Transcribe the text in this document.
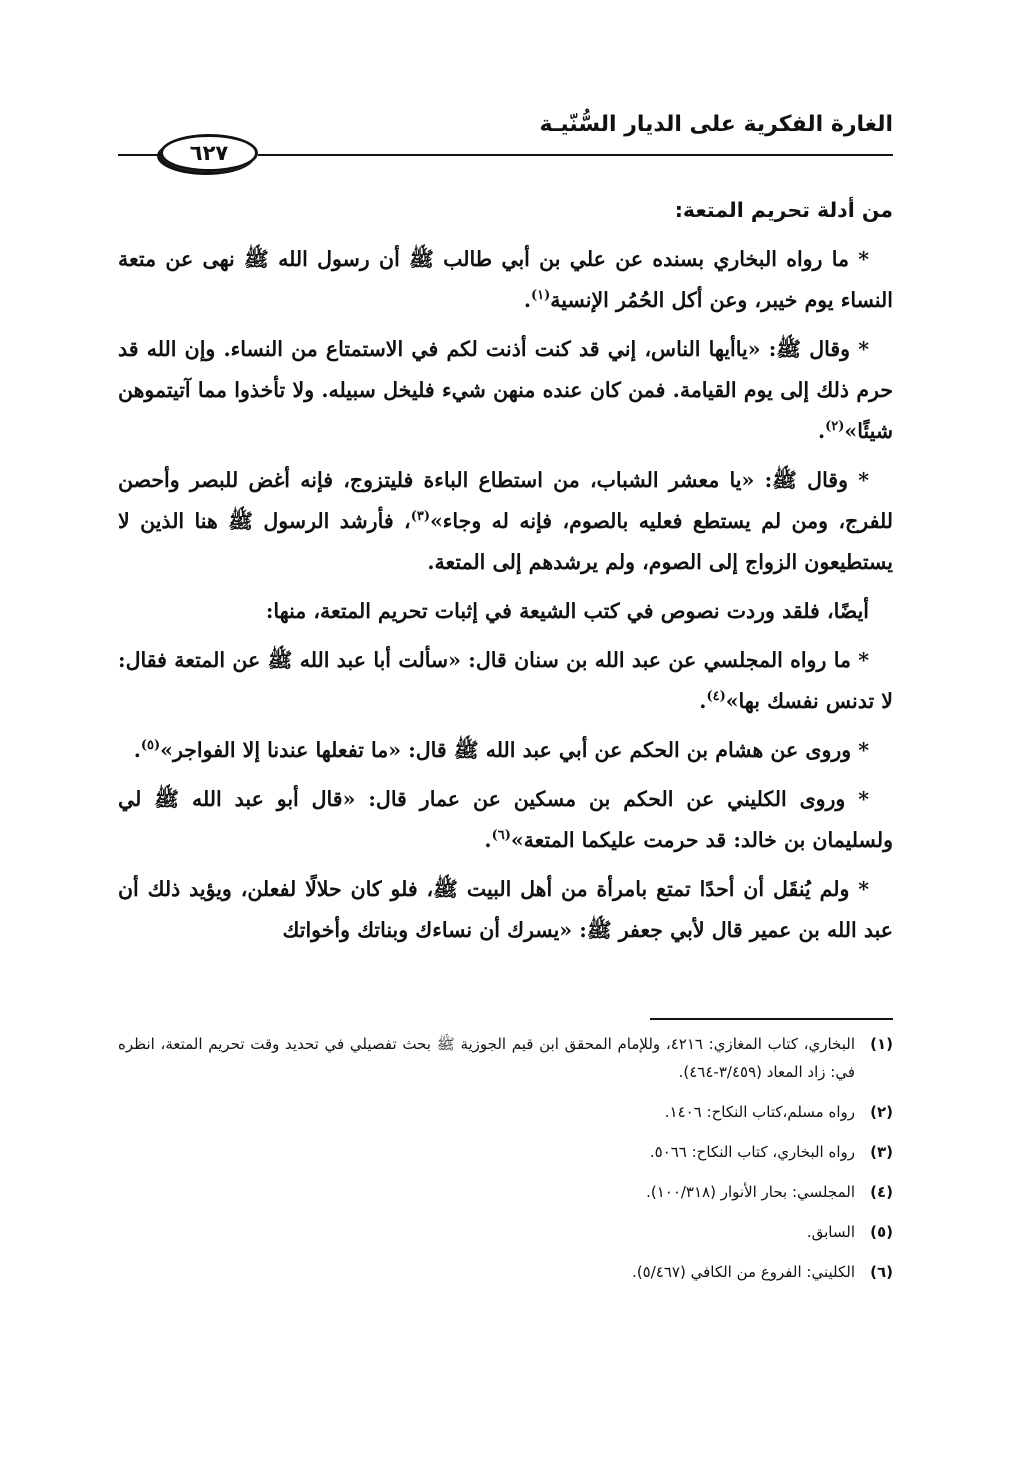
الغارة الفكرية على الديار السُّنّيـة
٦٢٧

من أدلة تحريم المتعة:

* ما رواه البخاري بسنده عن علي بن أبي طالب ﷺ أن رسول الله ﷺ نهى عن متعة النساء يوم خيبر، وعن أكل الحُمُر الإنسية$^{(١)}$.

* وقال ﷺ: «ياأيها الناس، إني قد كنت أذنت لكم في الاستمتاع من النساء. وإن الله قد حرم ذلك إلى يوم القيامة. فمن كان عنده منهن شيء فليخل سبيله. ولا تأخذوا مما آتيتموهن شيئًا»$^{(٢)}$.

* وقال ﷺ: «يا معشر الشباب، من استطاع الباءة فليتزوج، فإنه أغض للبصر وأحصن للفرج، ومن لم يستطع فعليه بالصوم، فإنه له وجاء»$^{(٣)}$، فأرشد الرسول ﷺ هنا الذين لا يستطيعون الزواج إلى الصوم، ولم يرشدهم إلى المتعة.

أيضًا، فلقد وردت نصوص في كتب الشيعة في إثبات تحريم المتعة، منها:

* ما رواه المجلسي عن عبد الله بن سنان قال: «سألت أبا عبد الله ﷺ عن المتعة فقال: لا تدنس نفسك بها»$^{(٤)}$.

* وروى عن هشام بن الحكم عن أبي عبد الله ﷺ قال: «ما تفعلها عندنا إلا الفواجر»$^{(٥)}$.

* وروى الكليني عن الحكم بن مسكين عن عمار قال: «قال أبو عبد الله ﷺ لي ولسليمان بن خالد: قد حرمت عليكما المتعة»$^{(٦)}$.

* ولم يُنقَل أن أحدًا تمتع بامرأة من أهل البيت ﷺ، فلو كان حلالًا لفعلن، ويؤيد ذلك أن عبد الله بن عمير قال لأبي جعفر ﷺ: «يسرك أن نساءك وبناتك وأخواتك

(١)
البخاري، كتاب المغازي: ٤٢١٦، وللإمام المحقق ابن قيم الجوزية ﷺ بحث تفصيلي في تحديد وقت تحريم المتعة، انظره في: زاد المعاد (٣/٤٥٩-٤٦٤).
(٢)
رواه مسلم،كتاب النكاح: ١٤٠٦.
(٣)
رواه البخاري، كتاب النكاح: ٥٠٦٦.
(٤)
المجلسي: بحار الأنوار (١٠٠/٣١٨).
(٥)
السابق.
(٦)
الكليني: الفروع من الكافي (٥/٤٦٧).
